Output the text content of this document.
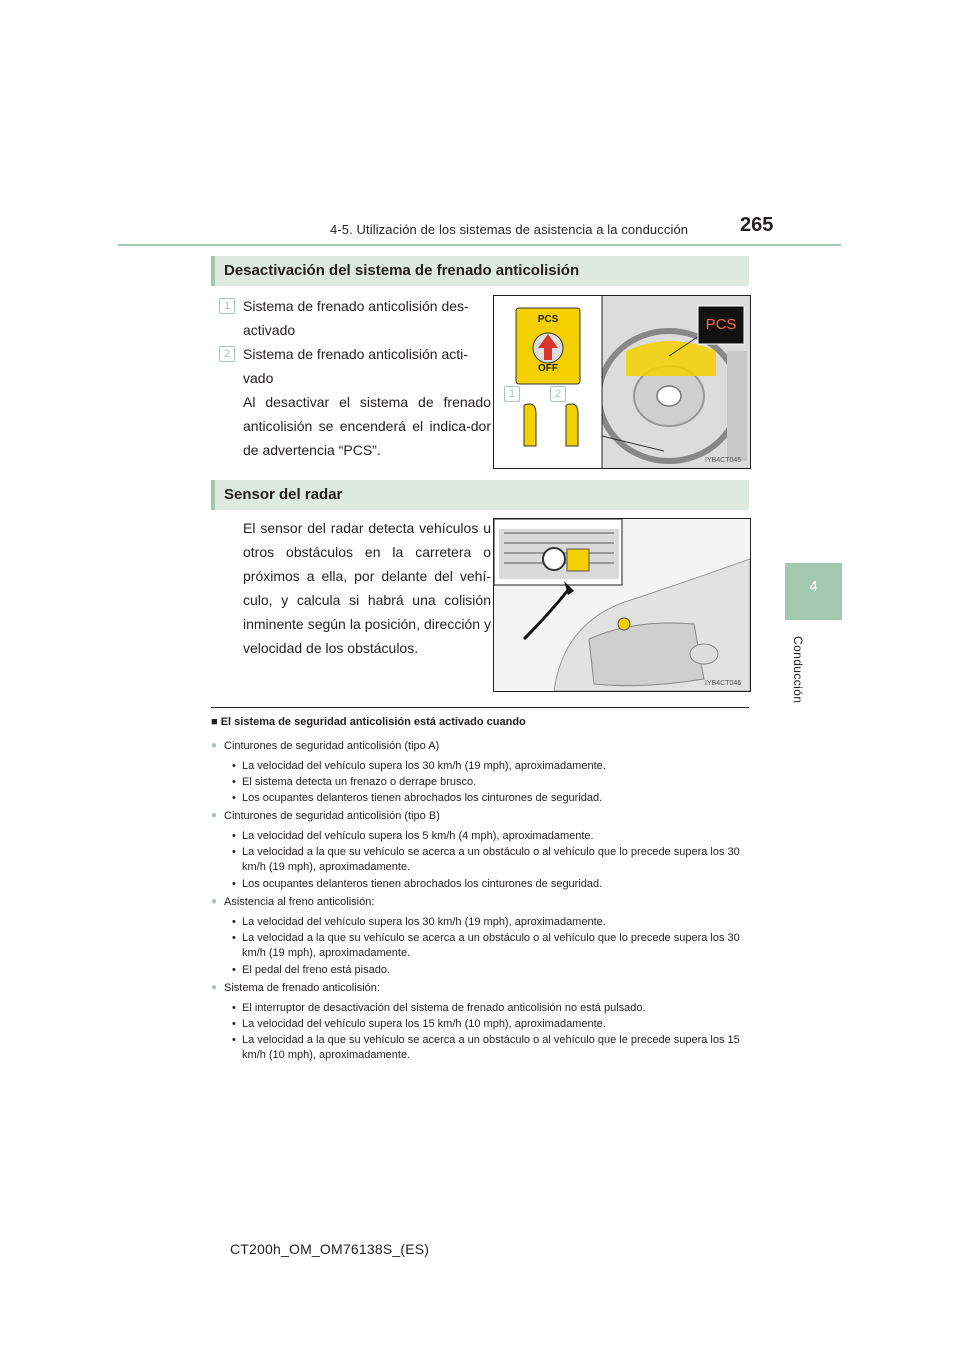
4-5. Utilización de los sistemas de asistencia a la conducción	265
4
Conducción
Desactivación del sistema de frenado anticolisión
1 Sistema de frenado anticolisión des-activado
2 Sistema de frenado anticolisión acti-vado
Al desactivar el sistema de frenado anticolisión se encenderá el indica-dor de advertencia “PCS”.
PCS
OFF
PCS
1	2
IYB4CT045
Sensor del radar
El sensor del radar detecta vehículos u otros obstáculos en la carretera o próximos a ella, por delante del vehí-culo, y calcula si habrá una colisión inminente según la posición, dirección y velocidad de los obstáculos.
IYB4CT046
■ El sistema de seguridad anticolisión está activado cuando
● Cinturones de seguridad anticolisión (tipo A)
• La velocidad del vehículo supera los 30 km/h (19 mph), aproximadamente.
• El sistema detecta un frenazo o derrape brusco.
• Los ocupantes delanteros tienen abrochados los cinturones de seguridad.
● Cinturones de seguridad anticolisión (tipo B)
• La velocidad del vehículo supera los 5 km/h (4 mph), aproximadamente.
• La velocidad a la que su vehículo se acerca a un obstáculo o al vehículo que lo precede supera los 30 km/h (19 mph), aproximadamente.
• Los ocupantes delanteros tienen abrochados los cinturones de seguridad.
● Asistencia al freno anticolisión:
• La velocidad del vehículo supera los 30 km/h (19 mph), aproximadamente.
• La velocidad a la que su vehículo se acerca a un obstáculo o al vehículo que lo precede supera los 30 km/h (19 mph), aproximadamente.
• El pedal del freno está pisado.
● Sistema de frenado anticolisión:
• El interruptor de desactivación del sistema de frenado anticolisión no está pulsado.
• La velocidad del vehículo supera los 15 km/h (10 mph), aproximadamente.
• La velocidad a la que su vehículo se acerca a un obstáculo o al vehículo que le precede supera los 15 km/h (10 mph), aproximadamente.
CT200h_OM_OM76138S_(ES)
